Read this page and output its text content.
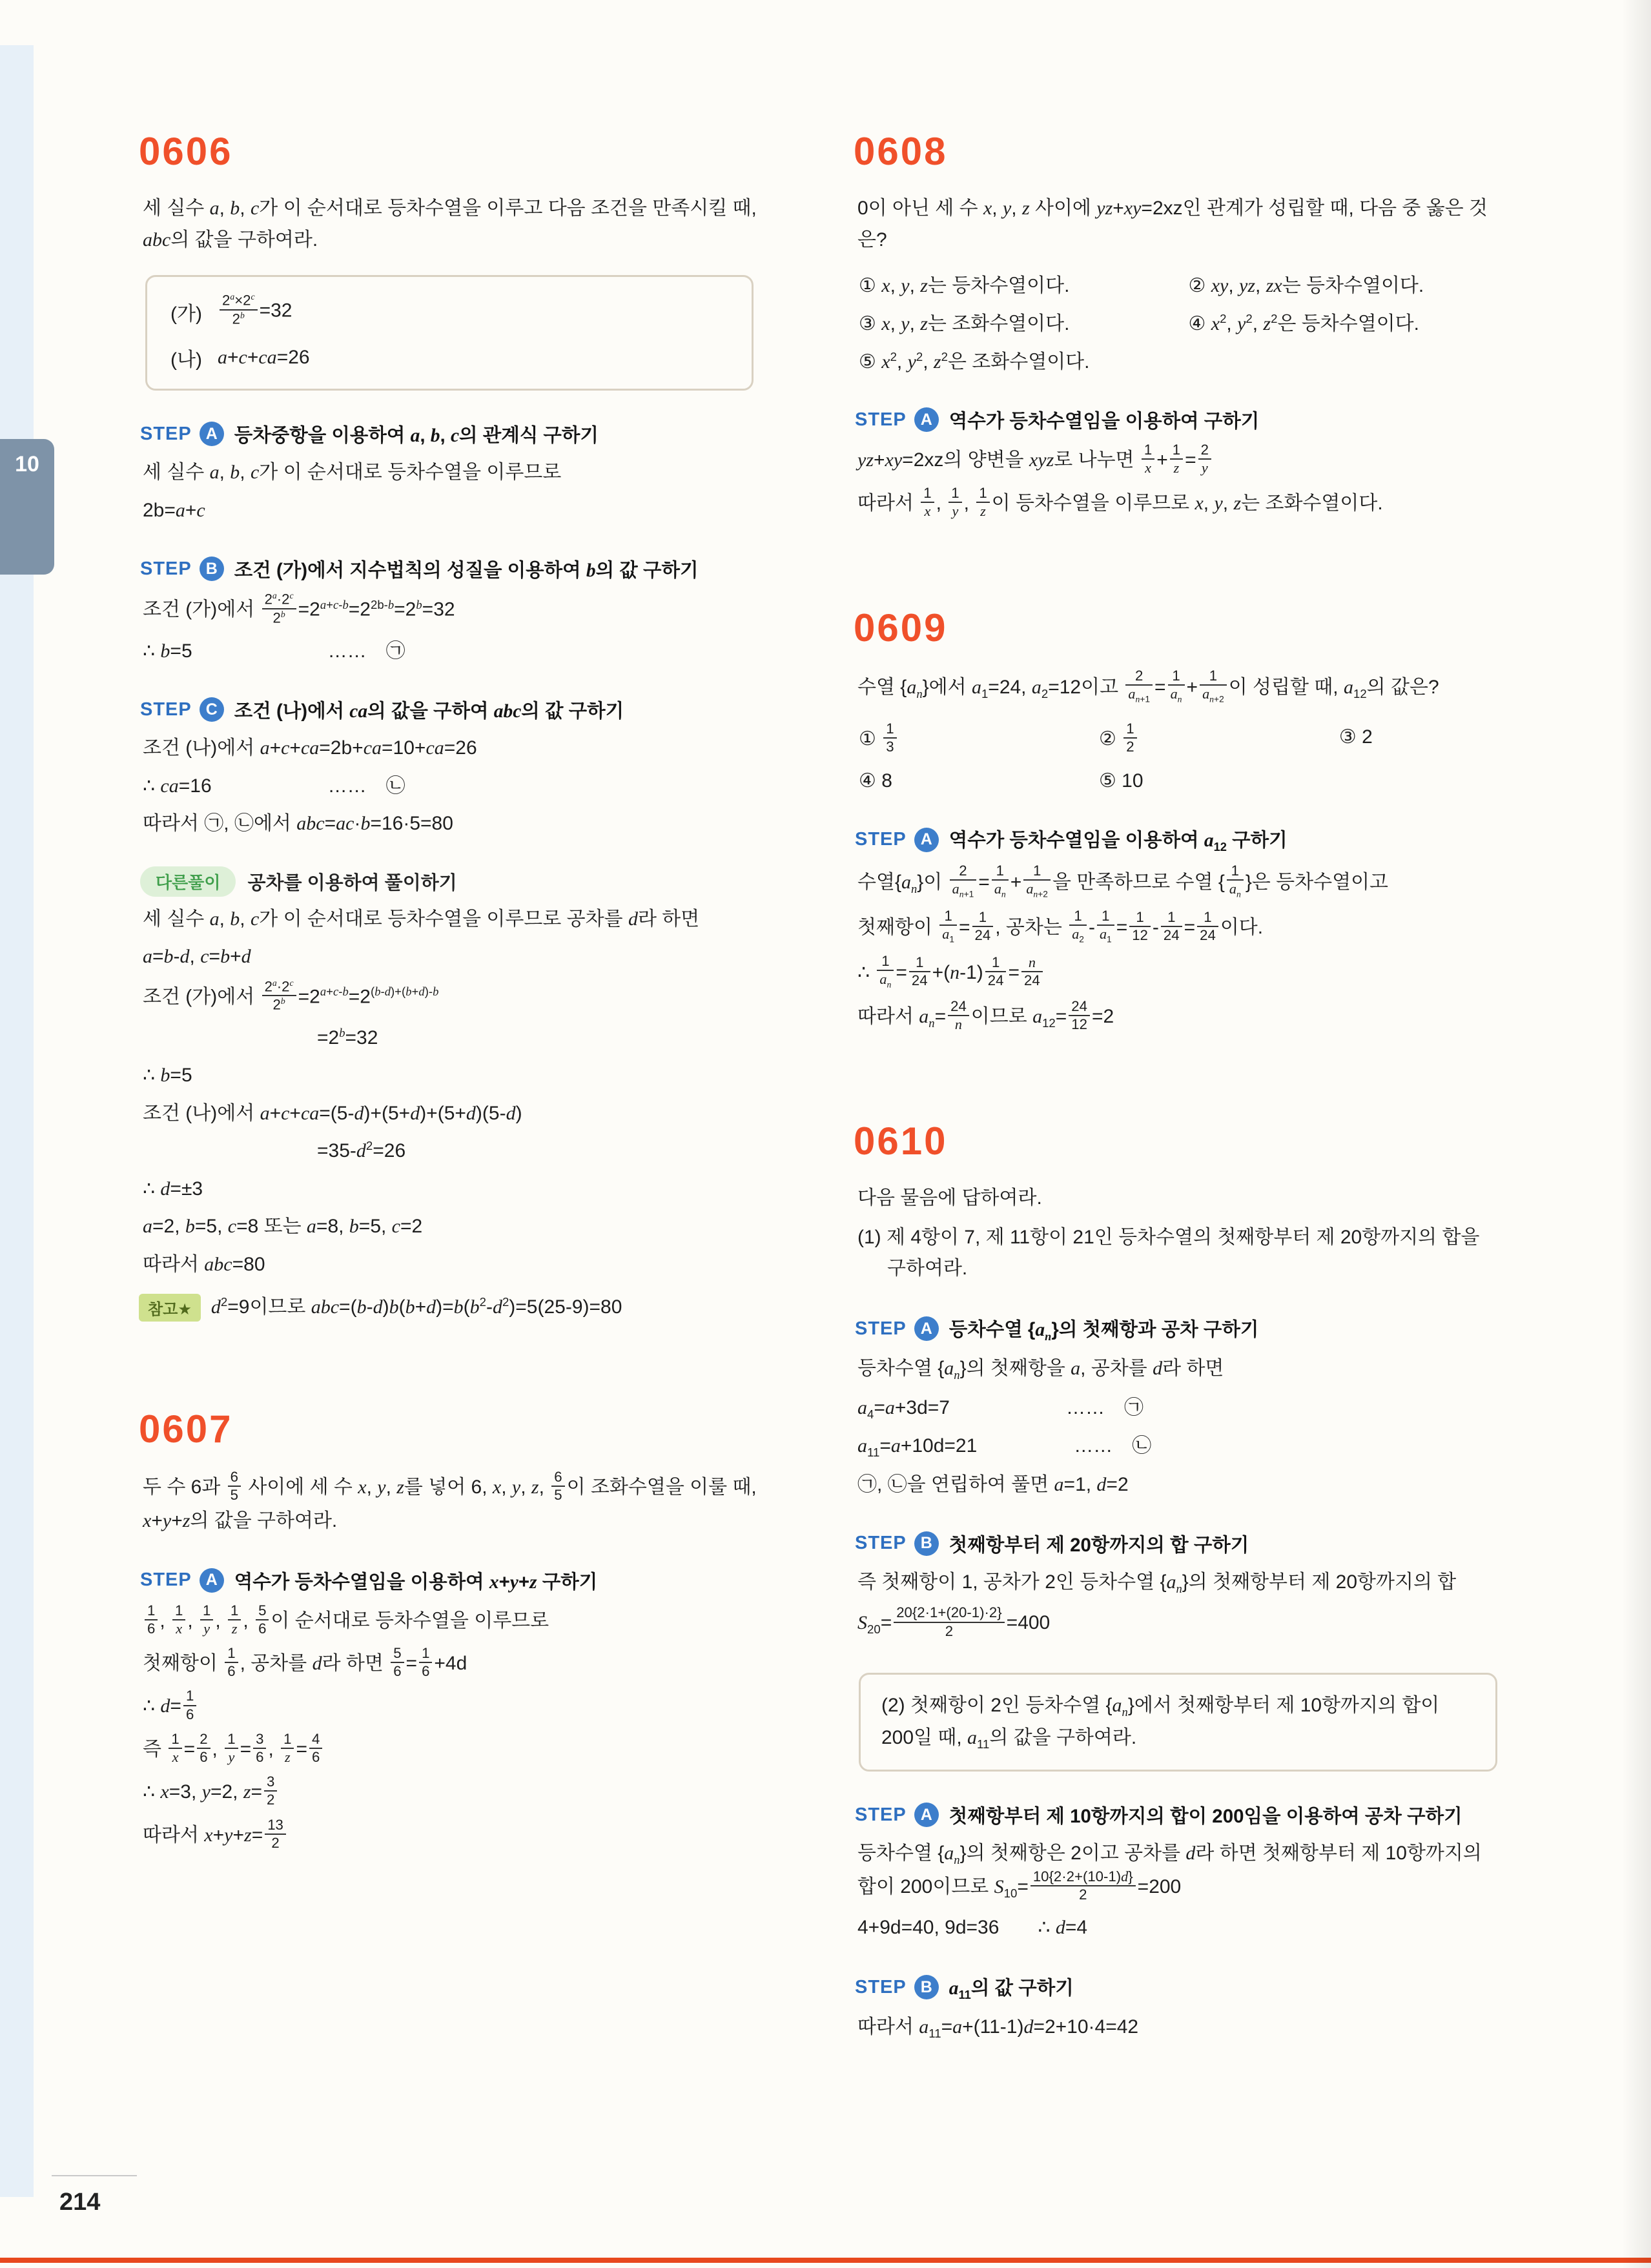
10
0606

세 실수 a, b, c가 이 순서대로 등차수열을 이루고 다음 조건을 만족시킬 때, abc의 값을 구하여라.

(가) $\frac{2^a\times 2^c}{2^b} =32$
(나) a+c+ca=26
STEP A 등차중항을 이용하여 a, b, c의 관계식 구하기
세 실수 a, b, c가 이 순서대로 등차수열을 이루므로
2b=a+c
STEP B 조건 (가)에서 지수법칙의 성질을 이용하여 b의 값 구하기
조건 (가)에서 $\frac{2^a\cdot 2^c}{2^b} =2^{a+c-b}=2^{2b-b}=2^b=32$
∴ b=5　　　　　　　……　㉠
STEP C 조건 (나)에서 ca의 값을 구하여 abc의 값 구하기
조건 (나)에서 a+c+ca=2b+ca=10+ca=26
∴ ca=16　　　　　　……　㉡
따라서 ㉠, ㉡에서 abc=ac·b=16·5=80
다른풀이	공차를 이용하여 풀이하기
세 실수 a, b, c가 이 순서대로 등차수열을 이루므로 공차를 d라 하면
a=b-d, c=b+d
조건 (가)에서 $\frac{2^a\cdot 2^c}{2^b} =2^{a+c-b}=2^{(b-d)+(b+d)-b}$
　　　　　　　　　$=2^b=32$
∴ b=5
조건 (나)에서 a+c+ca=(5-d)+(5+d)+(5+d)(5-d)
　　　　　　　　　$=35-d^2=26$
∴ d=±3
a=2, b=5, c=8 또는 a=8, b=5, c=2
따라서 abc=80
참고★	$d^2=9$이므로 $abc=(b-d)b(b+d)=b(b^2-d^2)=5(25-9)=80$
0607

두 수 6과 $\frac{6}{5}$ 사이에 세 수 x, y, z를 넣어 6, x, y, z, $\frac{6}{5}$ 이 조화수열을 이룰 때, x+y+z의 값을 구하여라.

STEP A 역수가 등차수열임을 이용하여 x+y+z 구하기
$\frac{1}{6}$ , $\frac{1}{x}$ , $\frac{1}{y}$ , $\frac{1}{z}$ , $\frac{5}{6}$ 이 순서대로 등차수열을 이루므로
첫째항이 $\frac{1}{6}$ , 공차를 d라 하면 $\frac{5}{6} = \frac{1}{6} +4d$
∴ $d= \frac{1}{6}$
즉 $\frac{1}{x} = \frac{2}{6}$ , $\frac{1}{y} = \frac{3}{6}$ , $\frac{1}{z} = \frac{4}{6}$
∴ x=3, y=2, $z= \frac{3}{2}$
따라서 $x+y+z= \frac{13}{2}$
0608

0이 아닌 세 수 x, y, z 사이에 yz+xy=2xz인 관계가 성립할 때, 다음 중 옳은 것은?

① x, y, z는 등차수열이다.	② xy, yz, zx는 등차수열이다.
③ x, y, z는 조화수열이다.	④ $x^2$, $y^2$, $z^2$은 등차수열이다.
⑤ $x^2$, $y^2$, $z^2$은 조화수열이다.
STEP A 역수가 등차수열임을 이용하여 구하기
yz+xy=2xz의 양변을 xyz로 나누면 $\frac{1}{x} + \frac{1}{z} = \frac{2}{y}$
따라서 $\frac{1}{x}$ , $\frac{1}{y}$ , $\frac{1}{z}$ 이 등차수열을 이루므로 x, y, z는 조화수열이다.
0609

수열 $\{a_n\}$에서 $a_1=24$, $a_2=12$이고 $\frac{2}{a_{n+1}} = \frac{1}{a_n} + \frac{1}{a_{n+2}}$ 이 성립할 때, $a_{12}$의 값은?

① $\frac{1}{3}$	② $\frac{1}{2}$	③ 2
④ 8	⑤ 10
STEP A 역수가 등차수열임을 이용하여 $a_{12}$ 구하기
수열$\{a_n\}$이 $\frac{2}{a_{n+1}} = \frac{1}{a_n} + \frac{1}{a_{n+2}}$ 을 만족하므로 수열 { $\frac{1}{a_n}$ }은 등차수열이고
첫째항이 $\frac{1}{a_1} = \frac{1}{24}$ , 공차는 $\frac{1}{a_2} - \frac{1}{a_1} = \frac{1}{12} - \frac{1}{24} = \frac{1}{24}$ 이다.
∴ $\frac{1}{a_n} = \frac{1}{24} +(n-1) \frac{1}{24} = \frac{n}{24}$
따라서 $a_n= \frac{24}{n}$ 이므로 $a_{12}= \frac{24}{12} =2$
0610

다음 물음에 답하여라.

(1) 제 4항이 7, 제 11항이 21인 등차수열의 첫째항부터 제 20항까지의 합을 구하여라.

STEP A 등차수열 $\{a_n\}$의 첫째항과 공차 구하기
등차수열 $\{a_n\}$의 첫째항을 a, 공차를 d라 하면
$a_4=a+3d=7$　　　　　　……　㉠
$a_{11}=a+10d=21$　　　　　……　㉡
㉠, ㉡을 연립하여 풀면 a=1, d=2
STEP B 첫째항부터 제 20항까지의 합 구하기
즉 첫째항이 1, 공차가 2인 등차수열 $\{a_n\}$의 첫째항부터 제 20항까지의 합
$S_{20}= \frac{20\{2\cdot 1+(20-1)\cdot 2\}}{2} =400$
(2) 첫째항이 2인 등차수열 $\{a_n\}$에서 첫째항부터 제 10항까지의 합이 200일 때, $a_{11}$의 값을 구하여라.
STEP A 첫째항부터 제 10항까지의 합이 200임을 이용하여 공차 구하기
등차수열 $\{a_n\}$의 첫째항은 2이고 공차를 d라 하면 첫째항부터 제 10항까지의 합이 200이므로 $S_{10}= \frac{10\{2\cdot 2+(10-1)d\}}{2} =200$
4+9d=40, 9d=36　　∴ d=4
STEP B $a_{11}$의 값 구하기
따라서 $a_{11}=a+(11-1)d=2+10\cdot 4=42$
214
